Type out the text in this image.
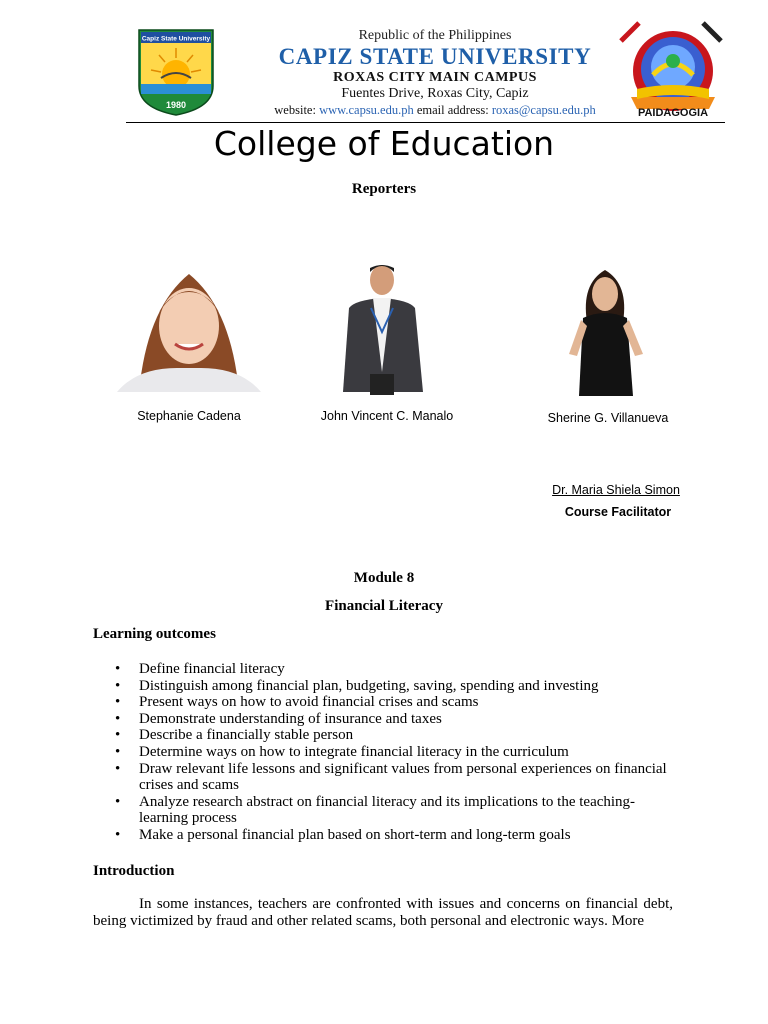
Capiz State University
1980
Republic of the Philippines
CAPIZ STATE UNIVERSITY
ROXAS CITY MAIN CAMPUS
Fuentes Drive, Roxas City, Capiz
website: www.capsu.edu.ph email address: roxas@capsu.edu.ph	PAIDAGOGIA
College of Education
Reporters
Stephanie Cadena	John Vincent C. Manalo	Sherine G. Villanueva
Dr. Maria Shiela Simon
Course Facilitator
Module 8
Financial Literacy
Learning outcomes
• Define financial literacy
• Distinguish among financial plan, budgeting, saving, spending and investing
• Present ways on how to avoid financial crises and scams
• Demonstrate understanding of insurance and taxes
• Describe a financially stable person
• Determine ways on how to integrate financial literacy in the curriculum
• Draw relevant life lessons and significant values from personal experiences on financial crises and scams
• Analyze research abstract on financial literacy and its implications to the teaching-learning process
• Make a personal financial plan based on short-term and long-term goals
Introduction
In some instances, teachers are confronted with issues and concerns on financial debt, being victimized by fraud and other related scams, both personal and electronic ways. More
